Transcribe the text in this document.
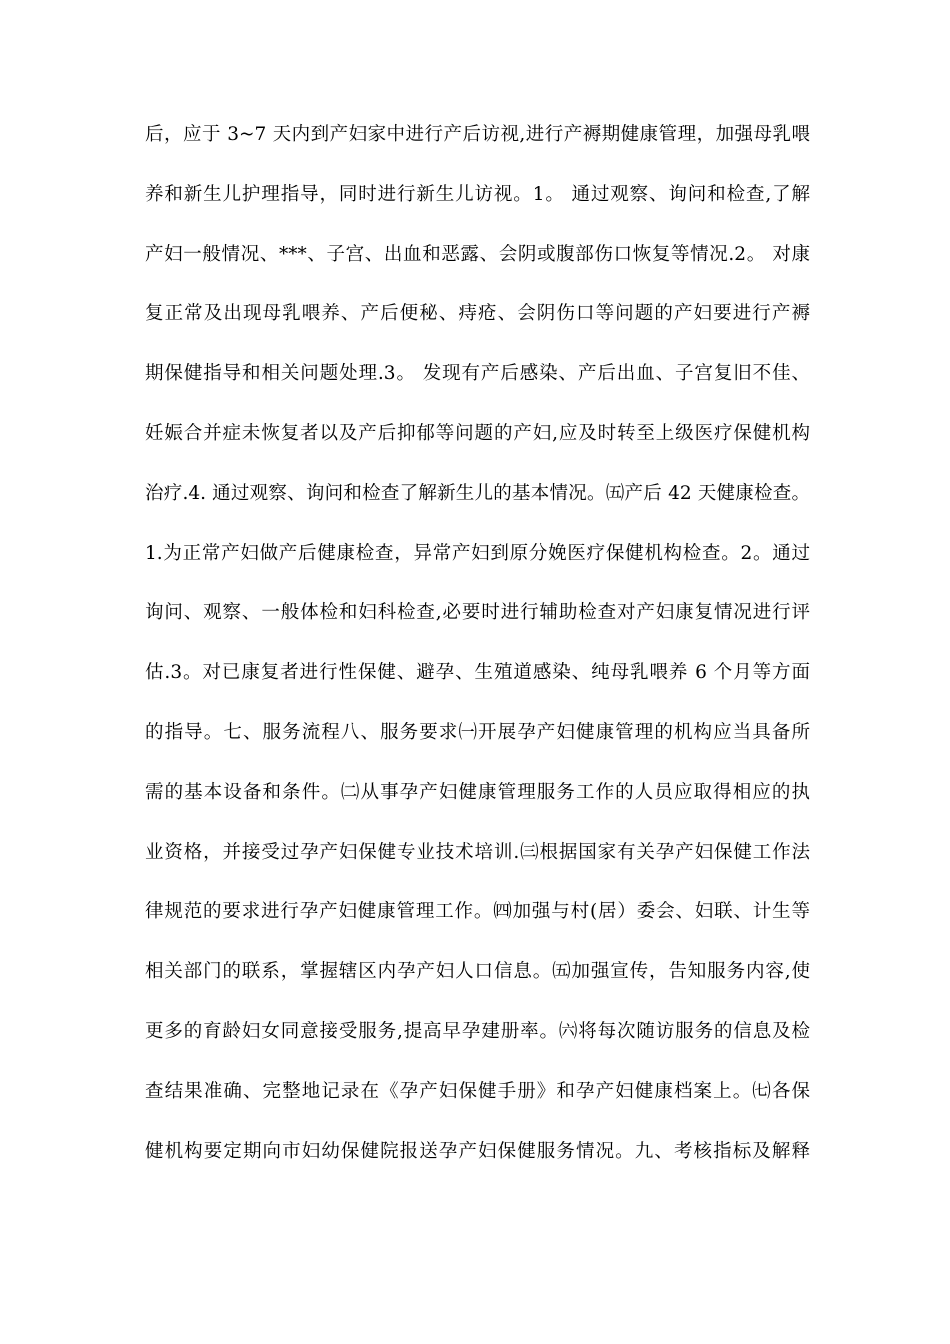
后，应于 3~7 天内到产妇家中进行产后访视,进行产褥期健康管理，加强母乳喂
养和新生儿护理指导，同时进行新生儿访视。1。 通过观察、询问和检查,了解
产妇一般情况、***、子宫、出血和恶露、会阴或腹部伤口恢复等情况.2。 对康
复正常及出现母乳喂养、产后便秘、痔疮、会阴伤口等问题的产妇要进行产褥
期保健指导和相关问题处理.3。 发现有产后感染、产后出血、子宫复旧不佳、
妊娠合并症未恢复者以及产后抑郁等问题的产妇,应及时转至上级医疗保健机构
治疗.4. 通过观察、询问和检查了解新生儿的基本情况。㈤产后 42 天健康检查。
1.为正常产妇做产后健康检查，异常产妇到原分娩医疗保健机构检查。2。通过
询问、观察、一般体检和妇科检查,必要时进行辅助检查对产妇康复情况进行评
估.3。对已康复者进行性保健、避孕、生殖道感染、纯母乳喂养 6 个月等方面
的指导。七、服务流程八、服务要求㈠开展孕产妇健康管理的机构应当具备所
需的基本设备和条件。㈡从事孕产妇健康管理服务工作的人员应取得相应的执
业资格，并接受过孕产妇保健专业技术培训.㈢根据国家有关孕产妇保健工作法
律规范的要求进行孕产妇健康管理工作。㈣加强与村(居）委会、妇联、计生等
相关部门的联系，掌握辖区内孕产妇人口信息。㈤加强宣传，告知服务内容,使
更多的育龄妇女同意接受服务,提高早孕建册率。㈥将每次随访服务的信息及检
查结果准确、完整地记录在《孕产妇保健手册》和孕产妇健康档案上。㈦各保
健机构要定期向市妇幼保健院报送孕产妇保健服务情况。九、考核指标及解释
